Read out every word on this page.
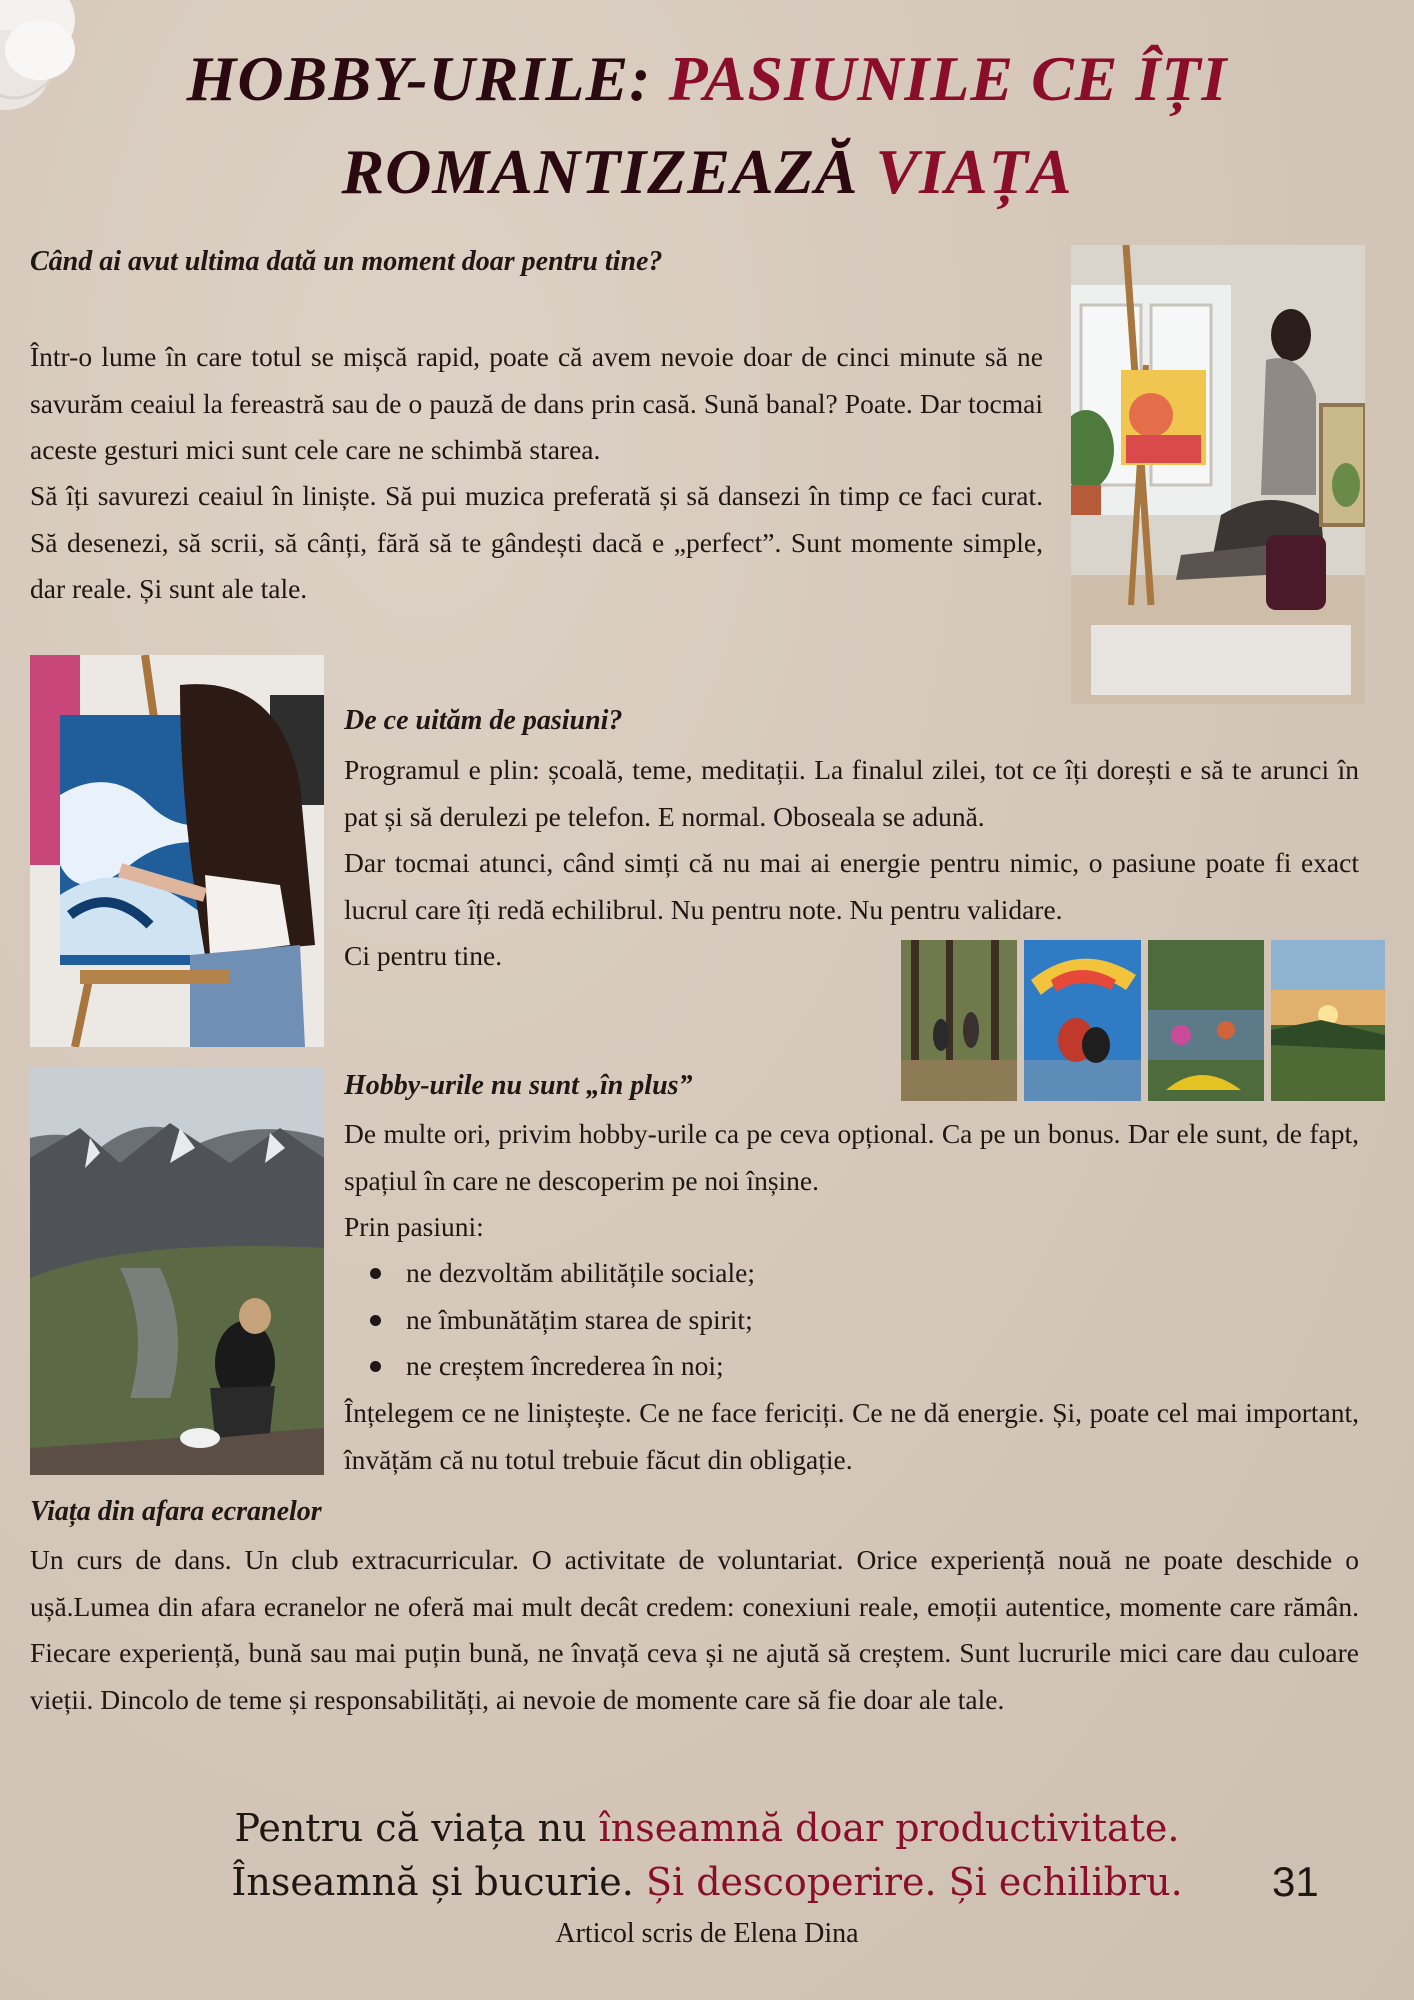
HOBBY-URILE: PASIUNILE CE ÎȚI
ROMANTIZEAZĂ VIAȚA

Când ai avut ultima dată un moment doar pentru tine?

Într-o lume în care totul se mișcă rapid, poate că avem nevoie doar de cinci minute să ne savurăm ceaiul la fereastră sau de o pauză de dans prin casă. Sună banal? Poate. Dar tocmai aceste gesturi mici sunt cele care ne schimbă starea.

Să îți savurezi ceaiul în liniște. Să pui muzica preferată și să dansezi în timp ce faci curat. Să desenezi, să scrii, să cânți, fără să te gândești dacă e „perfect”. Sunt momente simple, dar reale. Și sunt ale tale.

De ce uităm de pasiuni?

Programul e plin: școală, teme, meditații. La finalul zilei, tot ce îți dorești e să te arunci în pat și să derulezi pe telefon. E normal. Oboseala se adună.

Dar tocmai atunci, când simți că nu mai ai energie pentru nimic, o pasiune poate fi exact lucrul care îți redă echilibrul. Nu pentru note. Nu pentru validare.

Ci pentru tine.

Hobby-urile nu sunt „în plus”

De multe ori, privim hobby-urile ca pe ceva opțional. Ca pe un bonus. Dar ele sunt, de fapt, spațiul în care ne descoperim pe noi înșine.

Prin pasiuni:

ne dezvoltăm abilitățile sociale;
ne îmbunătățim starea de spirit;
ne creștem încrederea în noi;

Înțelegem ce ne liniștește. Ce ne face fericiți. Ce ne dă energie. Și, poate cel mai important, învățăm că nu totul trebuie făcut din obligație.

Viața din afara ecranelor

Un curs de dans. Un club extracurricular. O activitate de voluntariat. Orice experiență nouă ne poate deschide o ușă.Lumea din afara ecranelor ne oferă mai mult decât credem: conexiuni reale, emoții autentice, momente care rămân. Fiecare experiență, bună sau mai puțin bună, ne învață ceva și ne ajută să creștem. Sunt lucrurile mici care dau culoare vieții. Dincolo de teme și responsabilități, ai nevoie de momente care să fie doar ale tale.

Pentru că viața nu înseamnă doar productivitate.

Înseamnă și bucurie. Și descoperire. Și echilibru.	31

Articol scris de Elena Dina
